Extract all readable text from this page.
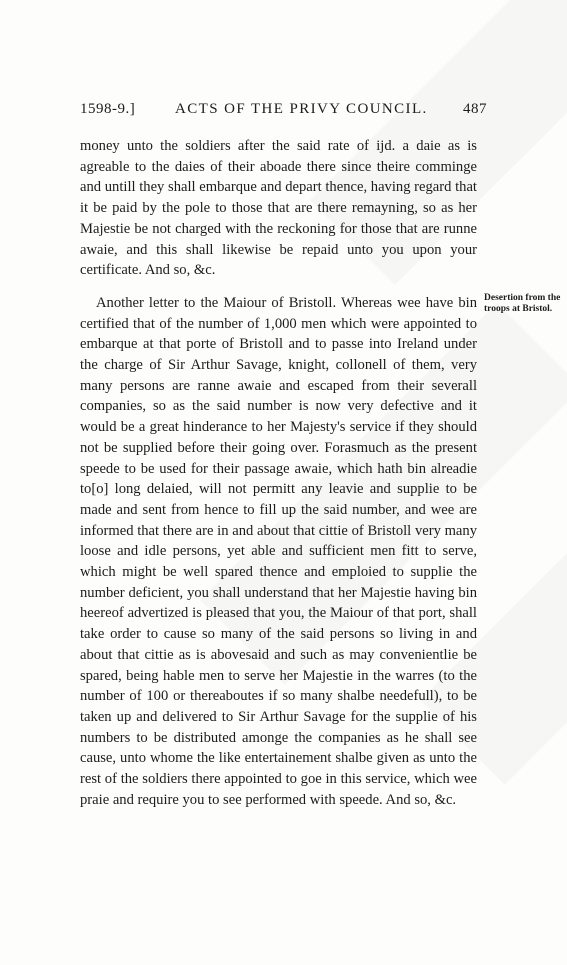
1598-9.]	ACTS OF THE PRIVY COUNCIL. 487

money unto the soldiers after the said rate of ijd. a daie as is agreable to the daies of their aboade there since theire comminge and untill they shall embarque and depart thence, having regard that it be paid by the pole to those that are there remayning, so as her Majestie be not charged with the reckoning for those that are runne awaie, and this shall likewise be repaid unto you upon your certificate. And so, &c.

Another letter to the Maiour of Bristoll. Whereas wee have bin certified that of the number of 1,000 men which were appointed to embarque at that porte of Bristoll and to passe into Ireland under the charge of Sir Arthur Savage, knight, collonell of them, very many persons are ranne awaie and escaped from their severall companies, so as the said number is now very defective and it would be a great hinderance to her Majesty's service if they should not be supplied before their going over. Forasmuch as the present speede to be used for their passage awaie, which hath bin alreadie to[o] long delaied, will not permitt any leavie and supplie to be made and sent from hence to fill up the said number, and wee are informed that there are in and about that cittie of Bristoll very many loose and idle persons, yet able and sufficient men fitt to serve, which might be well spared thence and emploied to supplie the number deficient, you shall understand that her Majestie having bin heereof advertized is pleased that you, the Maiour of that port, shall take order to cause so many of the said persons so living in and about that cittie as is abovesaid and such as may convenientlie be spared, being hable men to serve her Majestie in the warres (to the number of 100 or thereaboutes if so many shalbe needefull), to be taken up and delivered to Sir Arthur Savage for the supplie of his numbers to be distributed amonge the companies as he shall see cause, unto whome the like entertainement shalbe given as unto the rest of the soldiers there appointed to goe in this service, which wee praie and require you to see performed with speede. And so, &c.

Desertion from the troops at Bristol.
